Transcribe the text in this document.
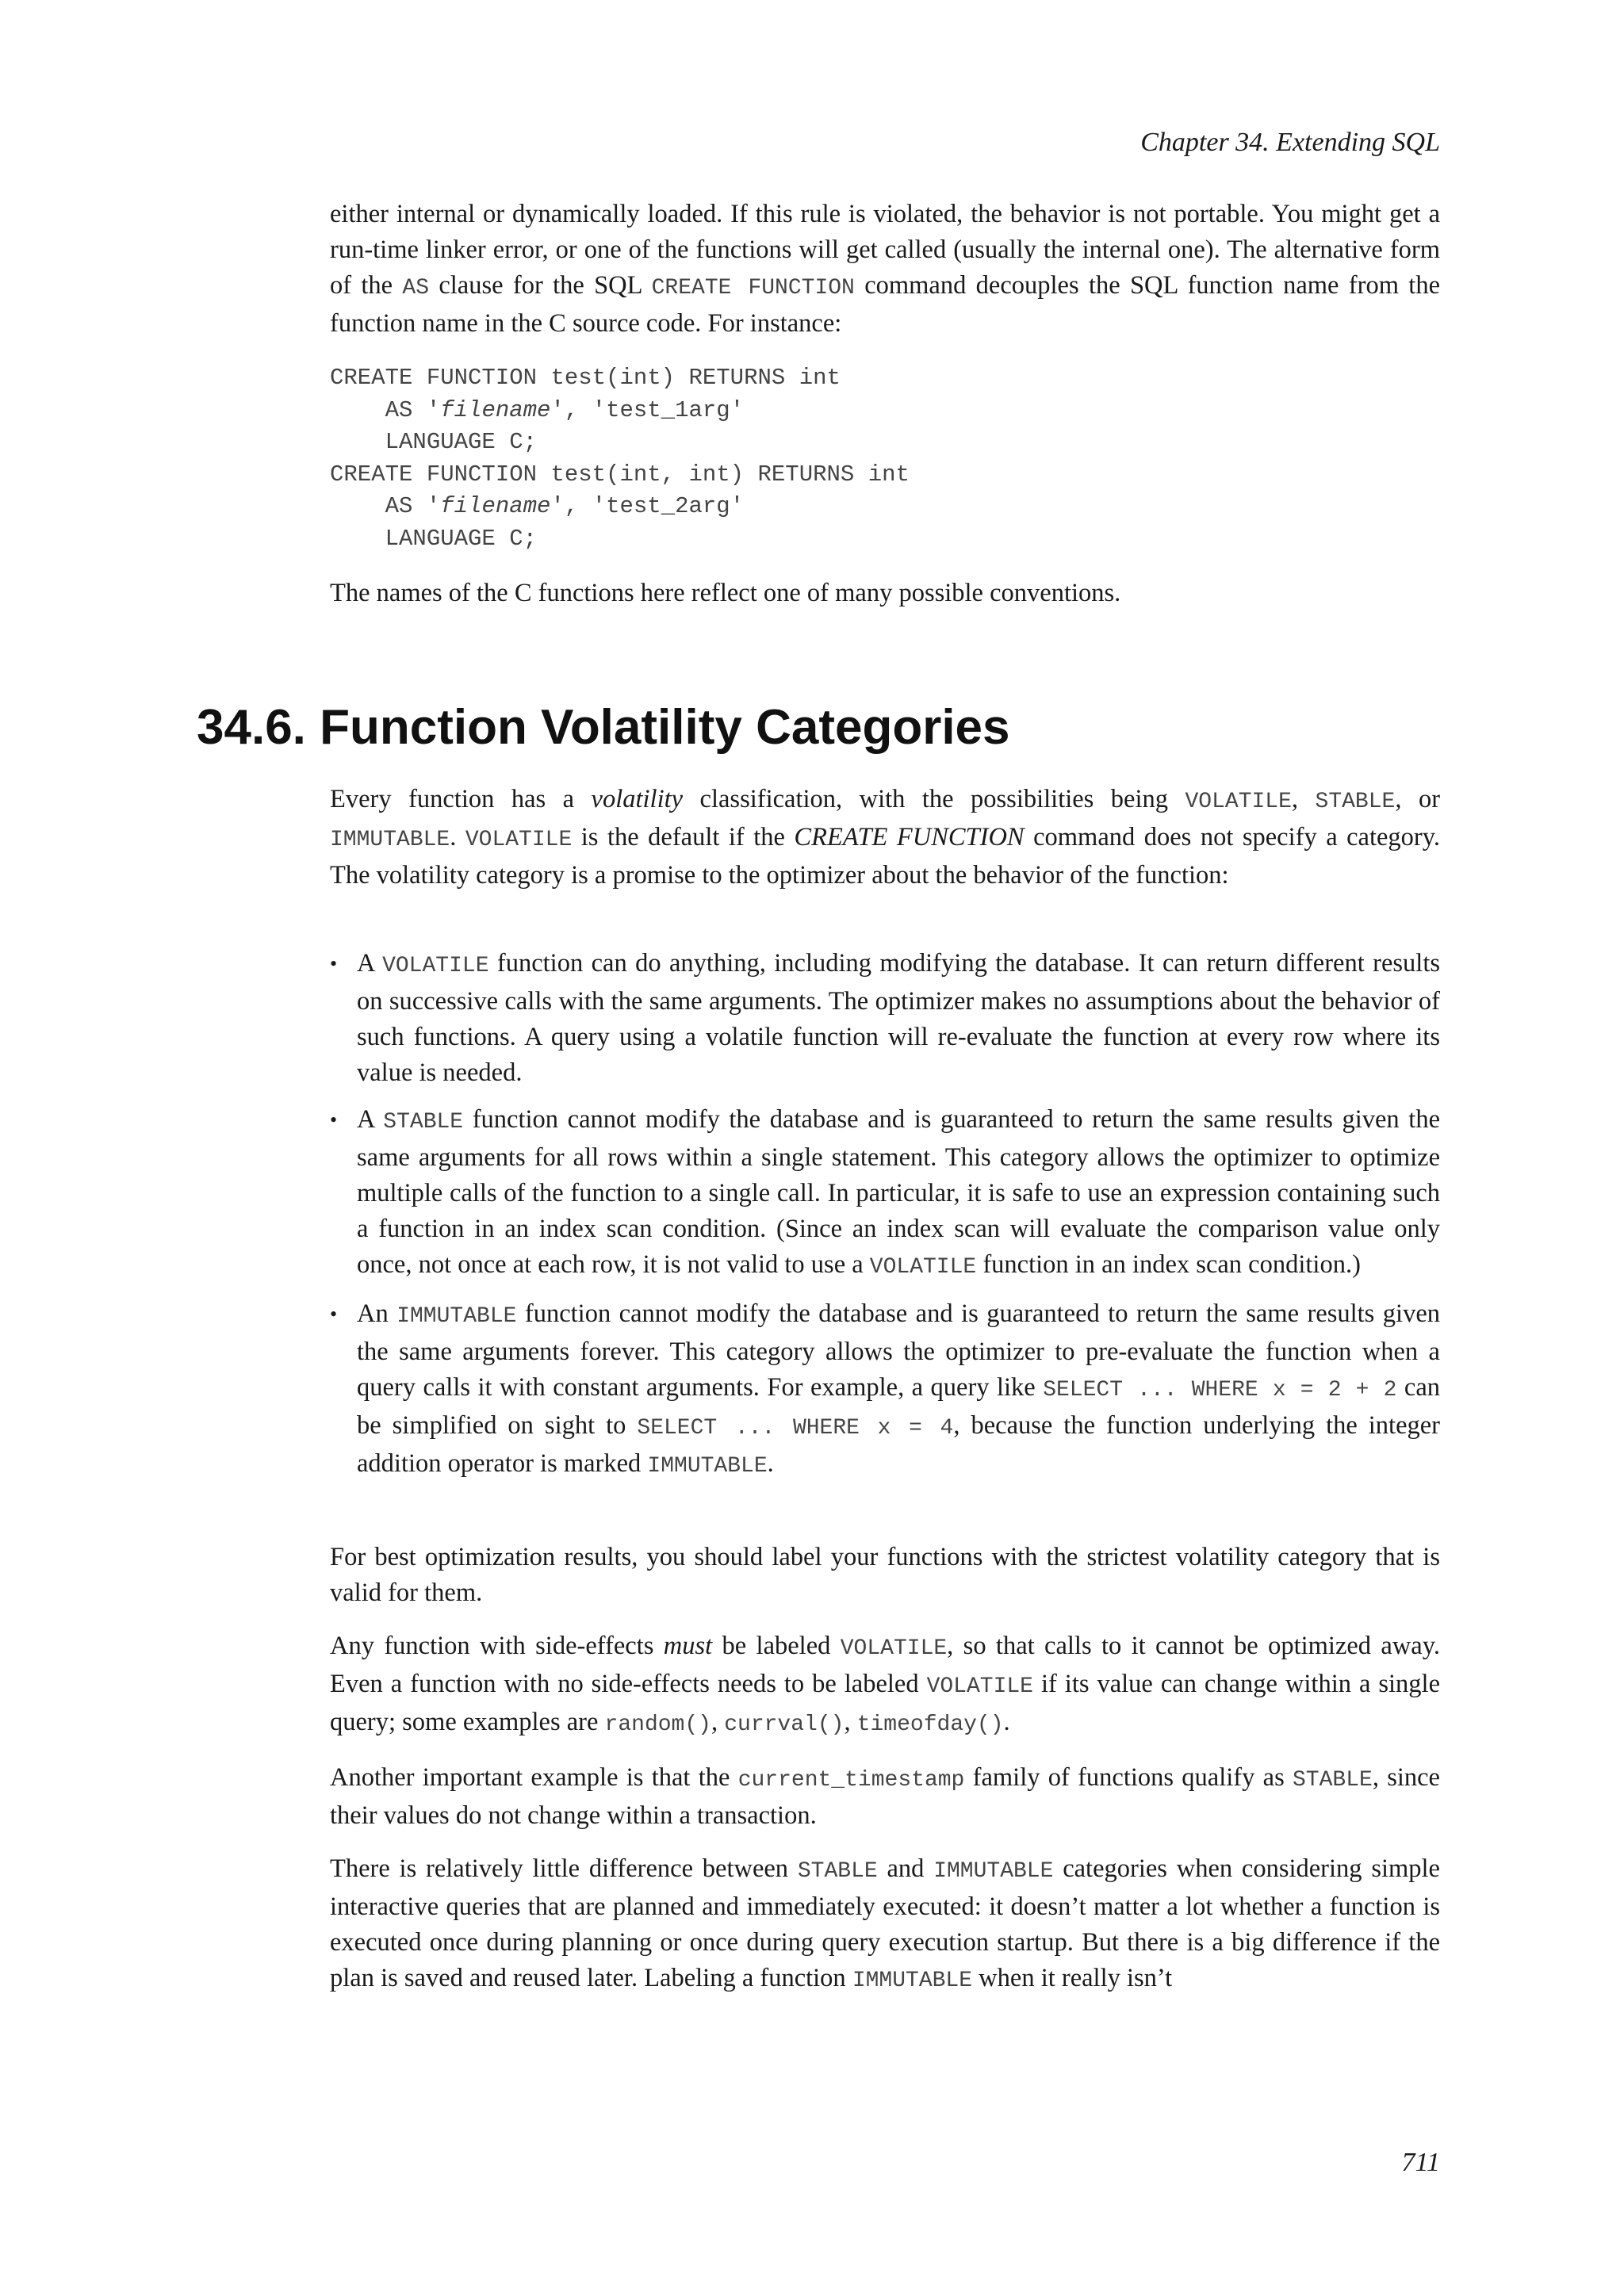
Chapter 34. Extending SQL

either internal or dynamically loaded. If this rule is violated, the behavior is not portable. You might get a run-time linker error, or one of the functions will get called (usually the internal one). The alternative form of the AS clause for the SQL CREATE FUNCTION command decouples the SQL function name from the function name in the C source code. For instance:

CREATE FUNCTION test(int) RETURNS int
AS 'filename', 'test_1arg'
LANGUAGE C;
CREATE FUNCTION test(int, int) RETURNS int
AS 'filename', 'test_2arg'
LANGUAGE C;

The names of the C functions here reflect one of many possible conventions.

34.6. Function Volatility Categories

Every function has a volatility classification, with the possibilities being VOLATILE, STABLE, or IMMUTABLE. VOLATILE is the default if the CREATE FUNCTION command does not specify a category. The volatility category is a promise to the optimizer about the behavior of the function:

• A VOLATILE function can do anything, including modifying the database. It can return different results on successive calls with the same arguments. The optimizer makes no assumptions about the behavior of such functions. A query using a volatile function will re-evaluate the function at every row where its value is needed.
• A STABLE function cannot modify the database and is guaranteed to return the same results given the same arguments for all rows within a single statement. This category allows the optimizer to optimize multiple calls of the function to a single call. In particular, it is safe to use an expression containing such a function in an index scan condition. (Since an index scan will evaluate the comparison value only once, not once at each row, it is not valid to use a VOLATILE function in an index scan condition.)
• An IMMUTABLE function cannot modify the database and is guaranteed to return the same results given the same arguments forever. This category allows the optimizer to pre-evaluate the function when a query calls it with constant arguments. For example, a query like SELECT ... WHERE x = 2 + 2 can be simplified on sight to SELECT ... WHERE x = 4, because the function underlying the integer addition operator is marked IMMUTABLE.

For best optimization results, you should label your functions with the strictest volatility category that is valid for them.

Any function with side-effects must be labeled VOLATILE, so that calls to it cannot be optimized away. Even a function with no side-effects needs to be labeled VOLATILE if its value can change within a single query; some examples are random(), currval(), timeofday().

Another important example is that the current_timestamp family of functions qualify as STABLE, since their values do not change within a transaction.

There is relatively little difference between STABLE and IMMUTABLE categories when considering simple interactive queries that are planned and immediately executed: it doesn’t matter a lot whether a function is executed once during planning or once during query execution startup. But there is a big difference if the plan is saved and reused later. Labeling a function IMMUTABLE when it really isn’t

711
